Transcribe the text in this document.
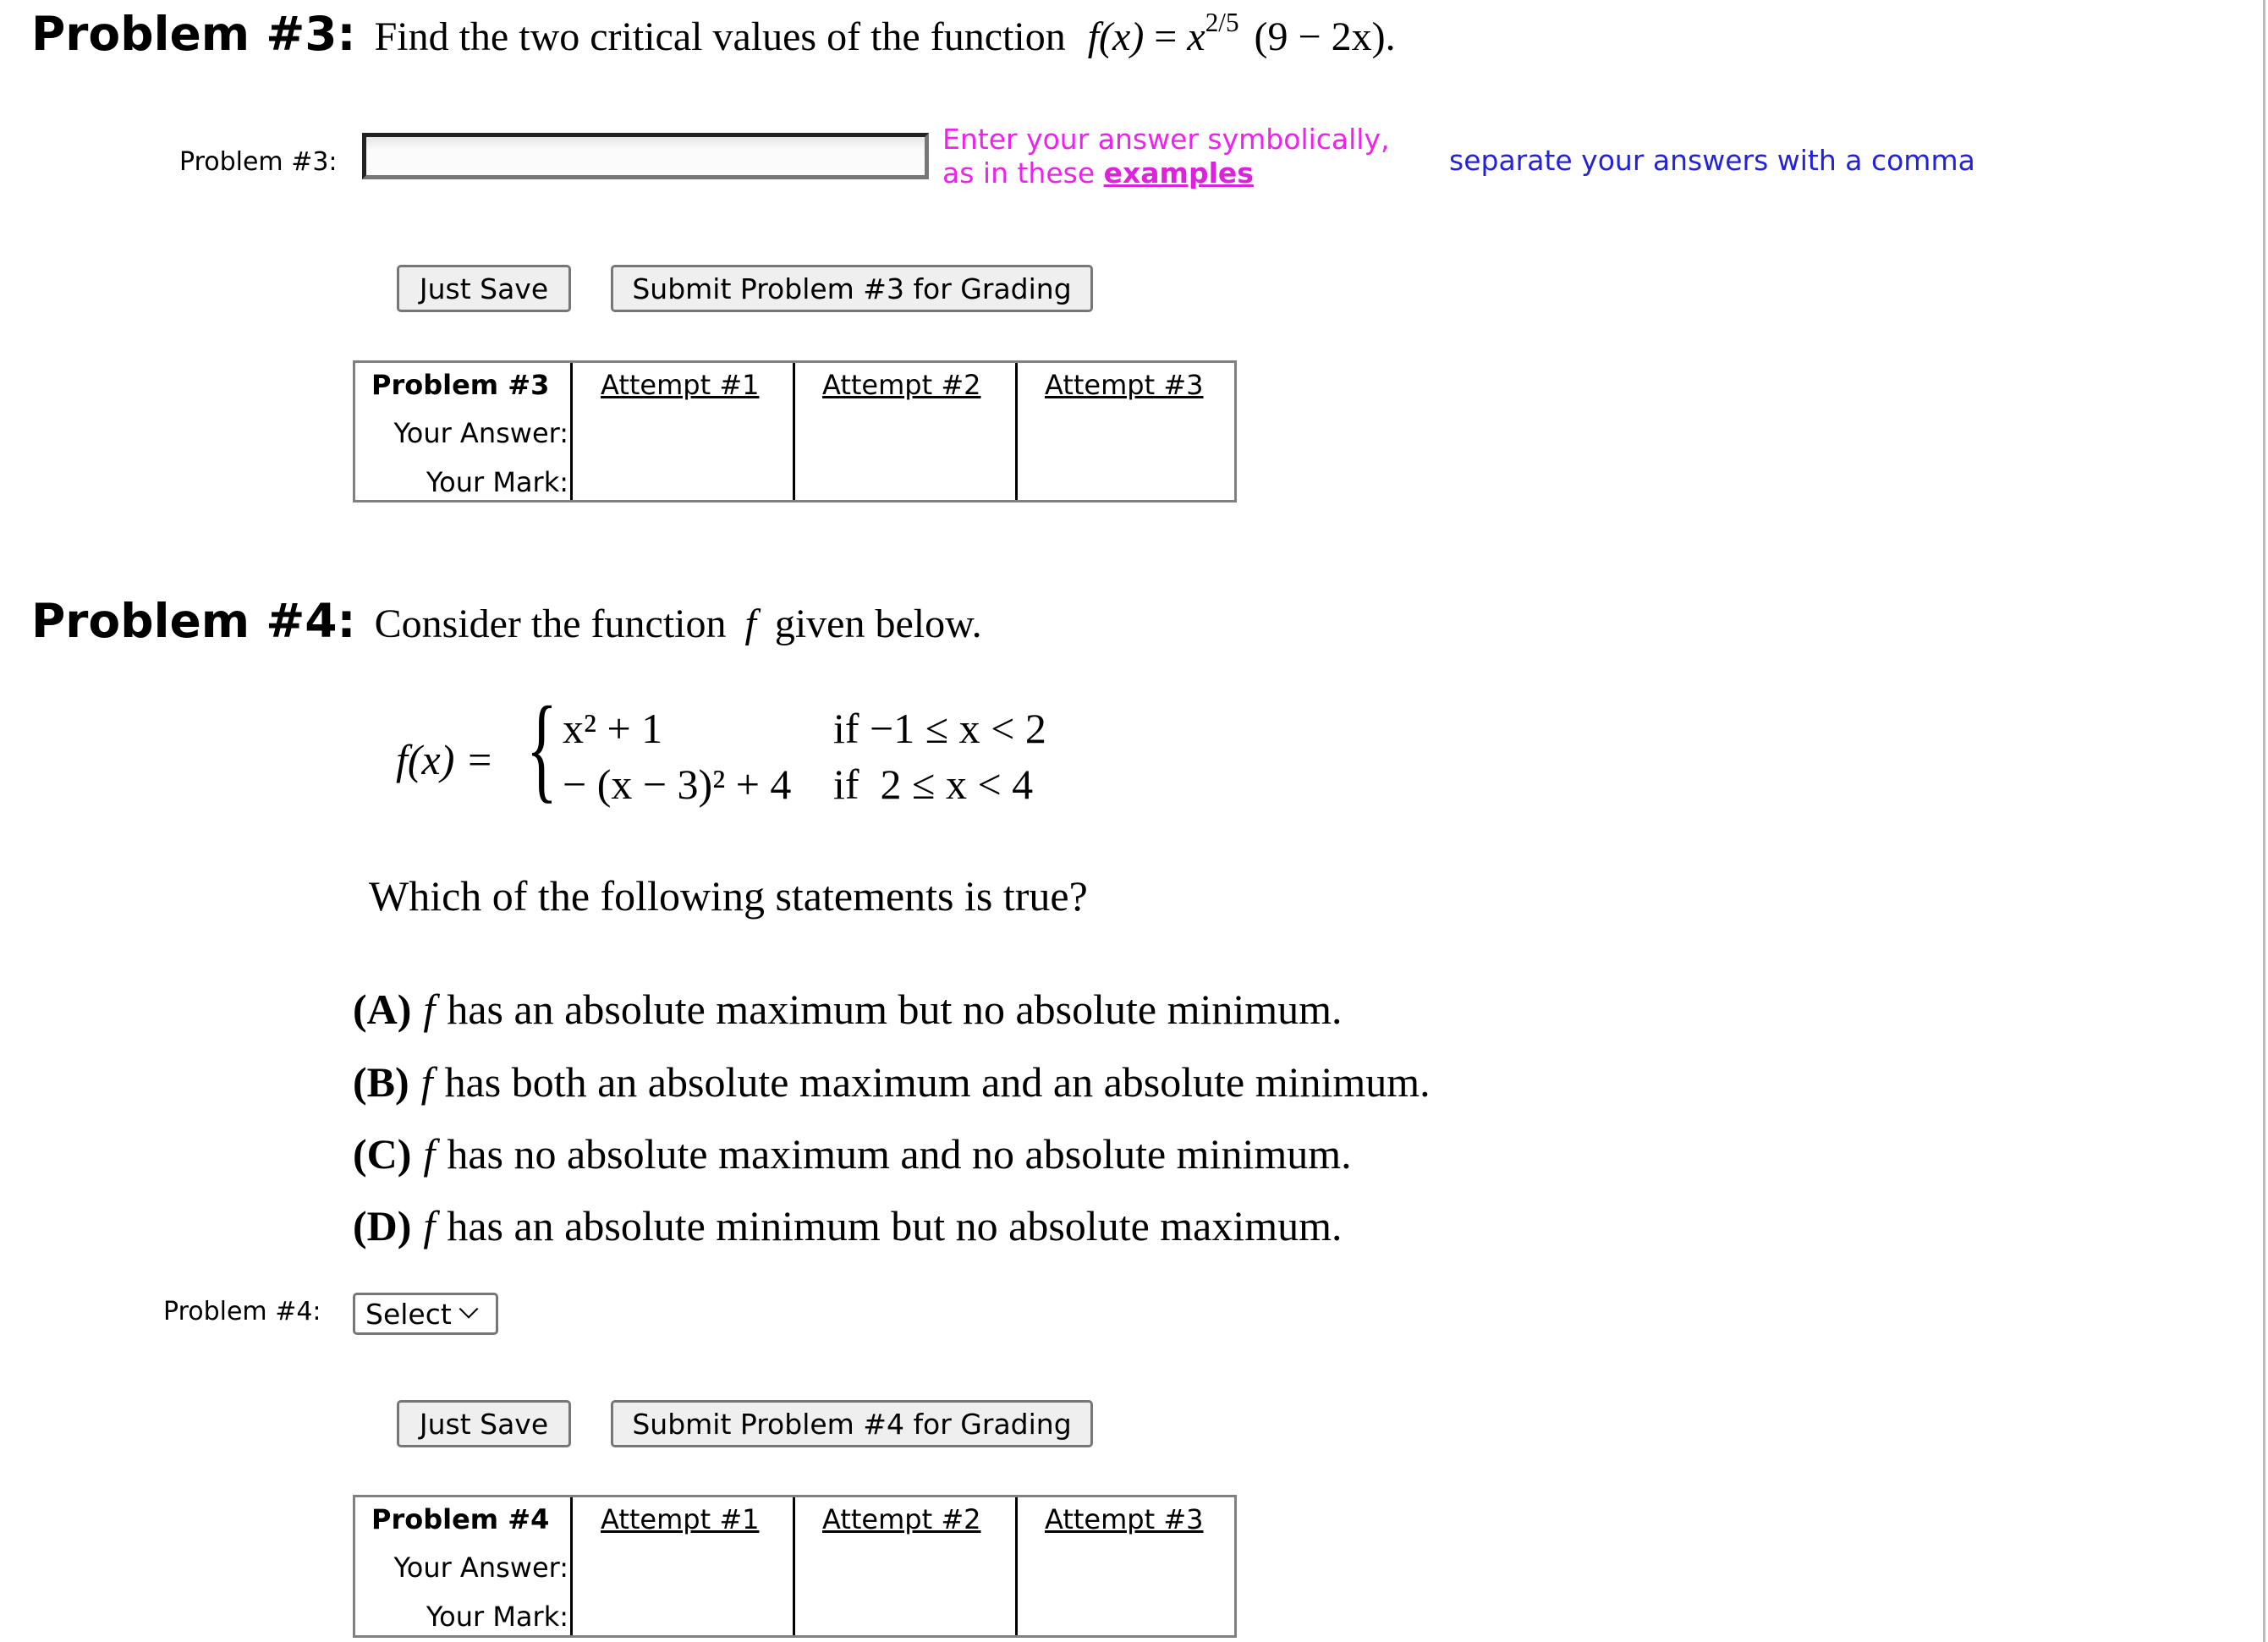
Problem #3: Find the two critical values of the function $f(x) = x^{2/5}$ (9 − 2x).
Problem #3:
Enter your answer symbolically,
as in these examples	separate your answers with a comma
Just Save	Submit Problem #3 for Grading
Problem #3 Attempt #1 Attempt #2 Attempt #3
Your Answer:
Your Mark:
Problem #4: Consider the function f given below.
f(x) = { x² + 1	if −1 ≤ x < 2
− (x − 3)² + 4 if  2 ≤ x < 4
Which of the following statements is true?
(A) f has an absolute maximum but no absolute minimum.
(B) f has both an absolute maximum and an absolute minimum.
(C) f has no absolute maximum and no absolute minimum.
(D) f has an absolute minimum but no absolute maximum.
Problem #4: Select
Just Save	Submit Problem #4 for Grading
Problem #4 Attempt #1 Attempt #2 Attempt #3
Your Answer:
Your Mark:
